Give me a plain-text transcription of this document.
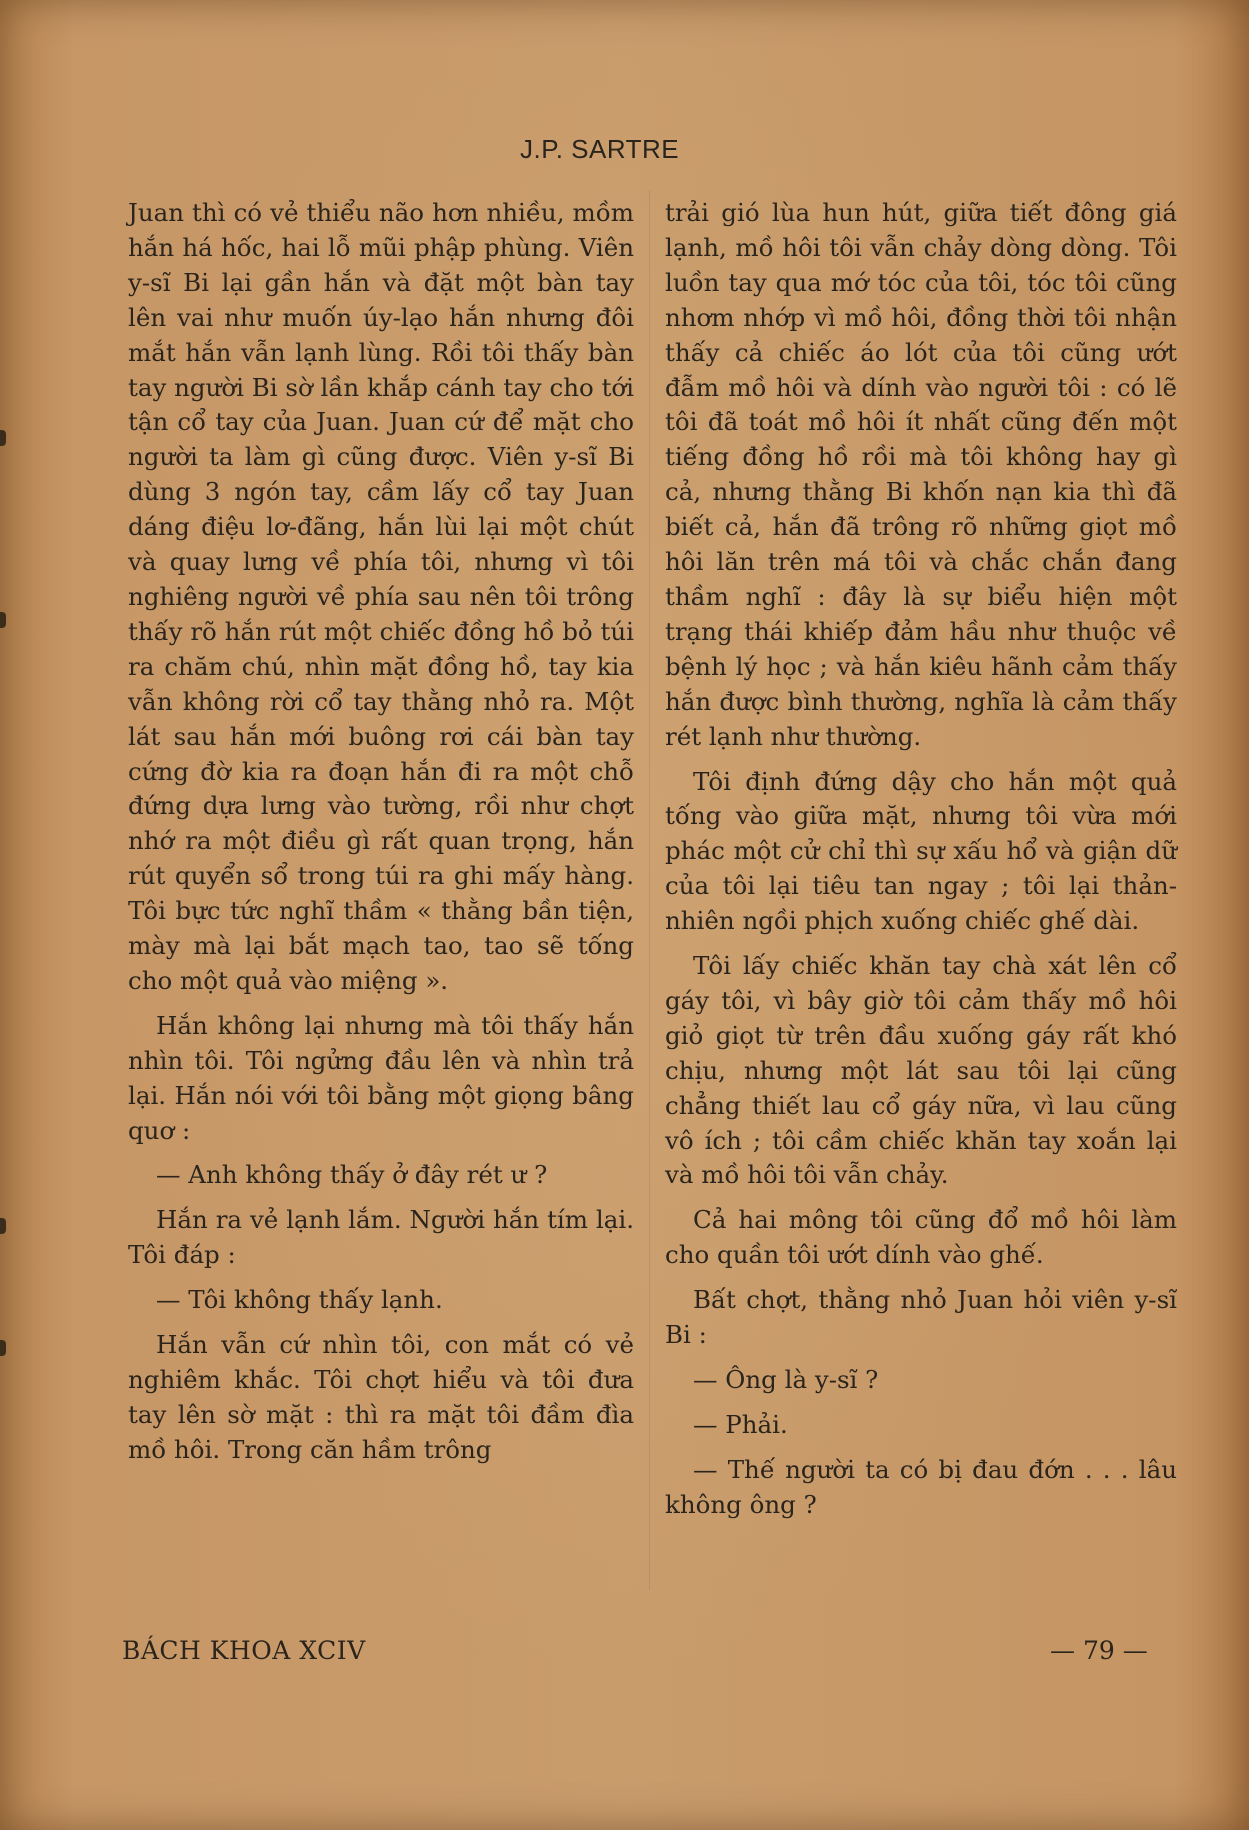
J.P. SARTRE

Juan thì có vẻ thiểu não hơn nhiều, mồm hắn há hốc, hai lỗ mũi phập phùng. Viên y-sĩ Bi lại gần hắn và đặt một bàn tay lên vai như muốn úy-lạo hắn nhưng đôi mắt hắn vẫn lạnh lùng. Rồi tôi thấy bàn tay người Bi sờ lần khắp cánh tay cho tới tận cổ tay của Juan. Juan cứ để mặt cho người ta làm gì cũng được. Viên y-sĩ Bi dùng 3 ngón tay, cầm lấy cổ tay Juan dáng điệu lơ-đãng, hắn lùi lại một chút và quay lưng về phía tôi, nhưng vì tôi nghiêng người về phía sau nên tôi trông thấy rõ hắn rút một chiếc đồng hồ bỏ túi ra chăm chú, nhìn mặt đồng hồ, tay kia vẫn không rời cổ tay thằng nhỏ ra. Một lát sau hắn mới buông rơi cái bàn tay cứng đờ kia ra đoạn hắn đi ra một chỗ đứng dựa lưng vào tường, rồi như chợt nhớ ra một điều gì rất quan trọng, hắn rút quyển sổ trong túi ra ghi mấy hàng. Tôi bực tức nghĩ thầm « thằng bần tiện, mày mà lại bắt mạch tao, tao sẽ tống cho một quả vào miệng ».

Hắn không lại nhưng mà tôi thấy hắn nhìn tôi. Tôi ngửng đầu lên và nhìn trả lại. Hắn nói với tôi bằng một giọng bâng quơ :

— Anh không thấy ở đây rét ư ?

Hắn ra vẻ lạnh lắm. Người hắn tím lại. Tôi đáp :

— Tôi không thấy lạnh.

Hắn vẫn cứ nhìn tôi, con mắt có vẻ nghiêm khắc. Tôi chợt hiểu và tôi đưa tay lên sờ mặt : thì ra mặt tôi đầm đìa mồ hôi. Trong căn hầm trông

trải gió lùa hun hút, giữa tiết đông giá lạnh, mồ hôi tôi vẫn chảy dòng dòng. Tôi luồn tay qua mớ tóc của tôi, tóc tôi cũng nhơm nhớp vì mồ hôi, đồng thời tôi nhận thấy cả chiếc áo lót của tôi cũng ướt đẫm mồ hôi và dính vào người tôi : có lẽ tôi đã toát mồ hôi ít nhất cũng đến một tiếng đồng hồ rồi mà tôi không hay gì cả, nhưng thằng Bi khốn nạn kia thì đã biết cả, hắn đã trông rõ những giọt mồ hôi lăn trên má tôi và chắc chắn đang thầm nghĩ : đây là sự biểu hiện một trạng thái khiếp đảm hầu như thuộc về bệnh lý học ; và hắn kiêu hãnh cảm thấy hắn được bình thường, nghĩa là cảm thấy rét lạnh như thường.

Tôi định đứng dậy cho hắn một quả tống vào giữa mặt, nhưng tôi vừa mới phác một cử chỉ thì sự xấu hổ và giận dữ của tôi lại tiêu tan ngay ; tôi lại thản-nhiên ngồi phịch xuống chiếc ghế dài.

Tôi lấy chiếc khăn tay chà xát lên cổ gáy tôi, vì bây giờ tôi cảm thấy mồ hôi giỏ giọt từ trên đầu xuống gáy rất khó chịu, nhưng một lát sau tôi lại cũng chẳng thiết lau cổ gáy nữa, vì lau cũng vô ích ; tôi cầm chiếc khăn tay xoắn lại và mồ hôi tôi vẫn chảy.

Cả hai mông tôi cũng đổ mồ hôi làm cho quần tôi ướt dính vào ghế.

Bất chợt, thằng nhỏ Juan hỏi viên y-sĩ Bi :

— Ông là y-sĩ ?

— Phải.

— Thế người ta có bị đau đớn . . . lâu không ông ?

BÁCH KHOA XCIV	— 79 —
